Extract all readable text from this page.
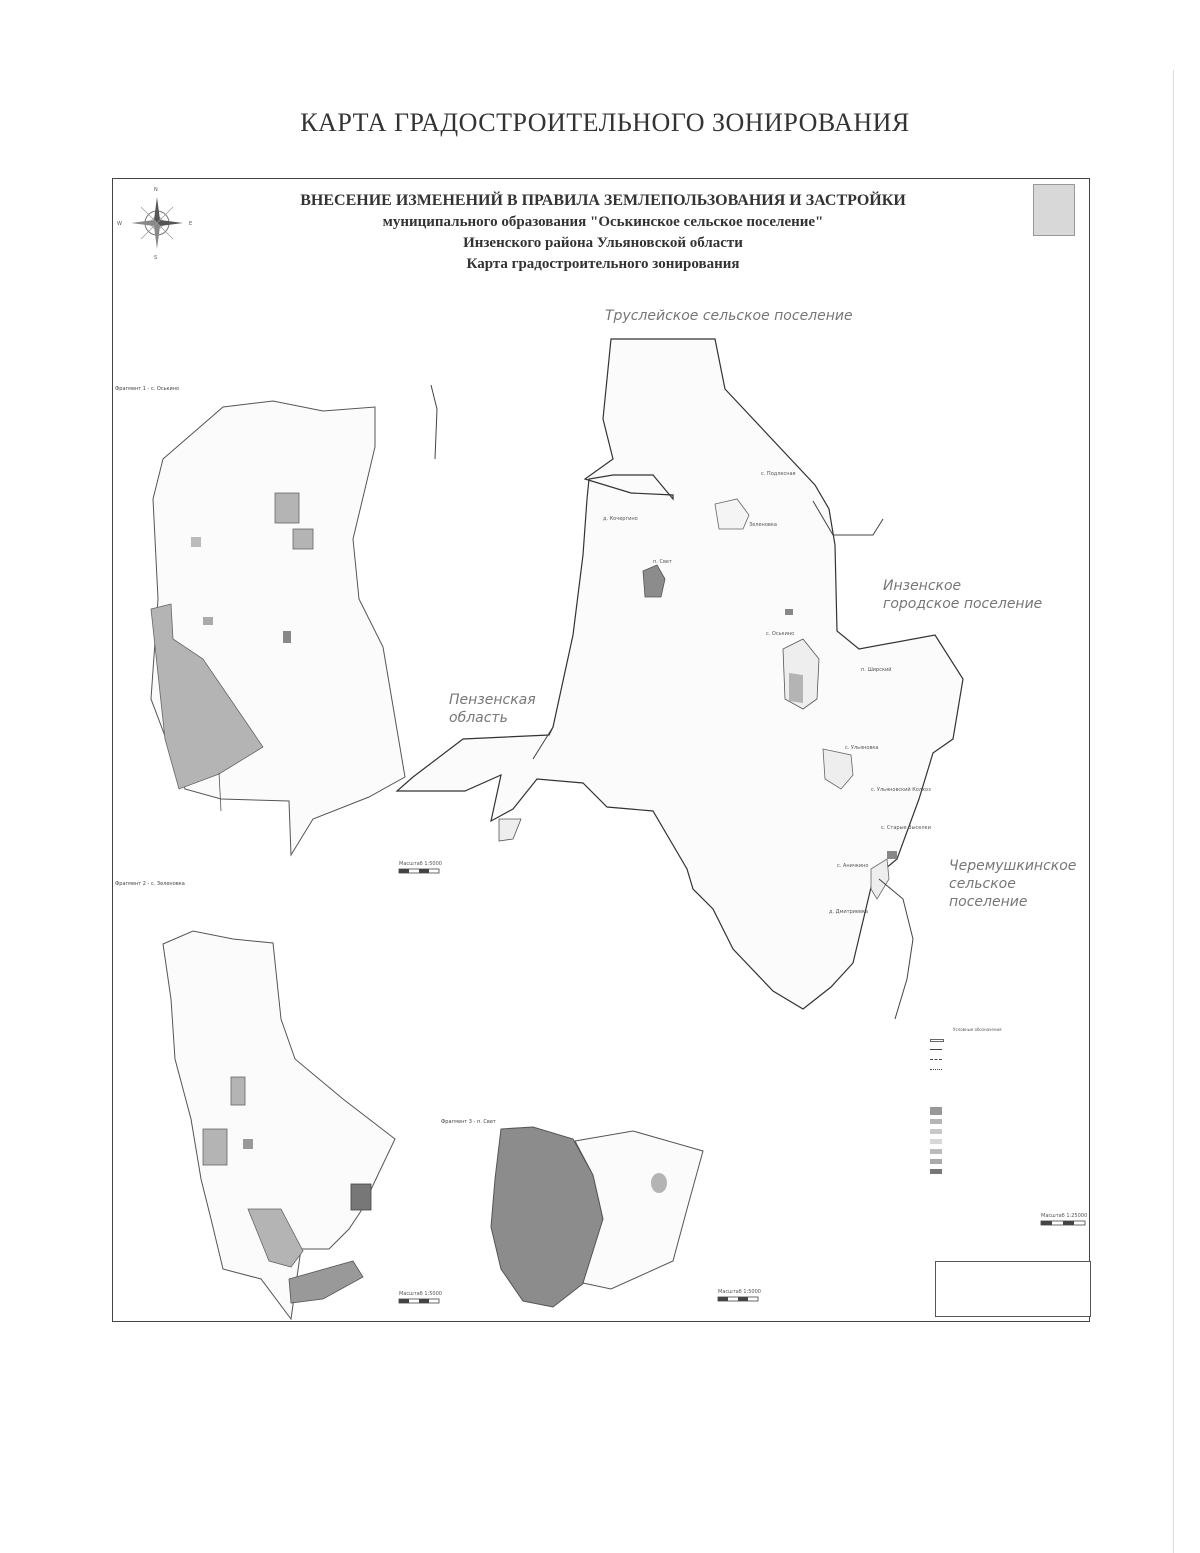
КАРТА ГРАДОСТРОИТЕЛЬНОГО ЗОНИРОВАНИЯ
ВНЕСЕНИЕ ИЗМЕНЕНИЙ В ПРАВИЛА ЗЕМЛЕПОЛЬЗОВАНИЯ И ЗАСТРОЙКИ
муниципального образования "Оськинское сельское поселение"
Инзенского района Ульяновской области
Карта градостроительного зонирования
N
S
W	E
Труслейское сельское поселение
Инзенское
городское поселение
Пензенская
область
Черемушкинское
сельское
поселение
Фрагмент 1 - с. Оськино
Фрагмент 2 - с. Зеленовка
Фрагмент 3 - п. Свет
с. Подлесная
д. Кочергино
Зеленовка
п. Свет
с. Оськино
п. Ширский
с. Ульяновка
с. Ульяновский Колхоз
с. Старые Выселки
с. Аничкино
д. Дмитриевка
Масштаб 1:5000
Масштаб 1:5000	Масштаб 1:5000
Масштаб 1:25000
Условные обозначения
